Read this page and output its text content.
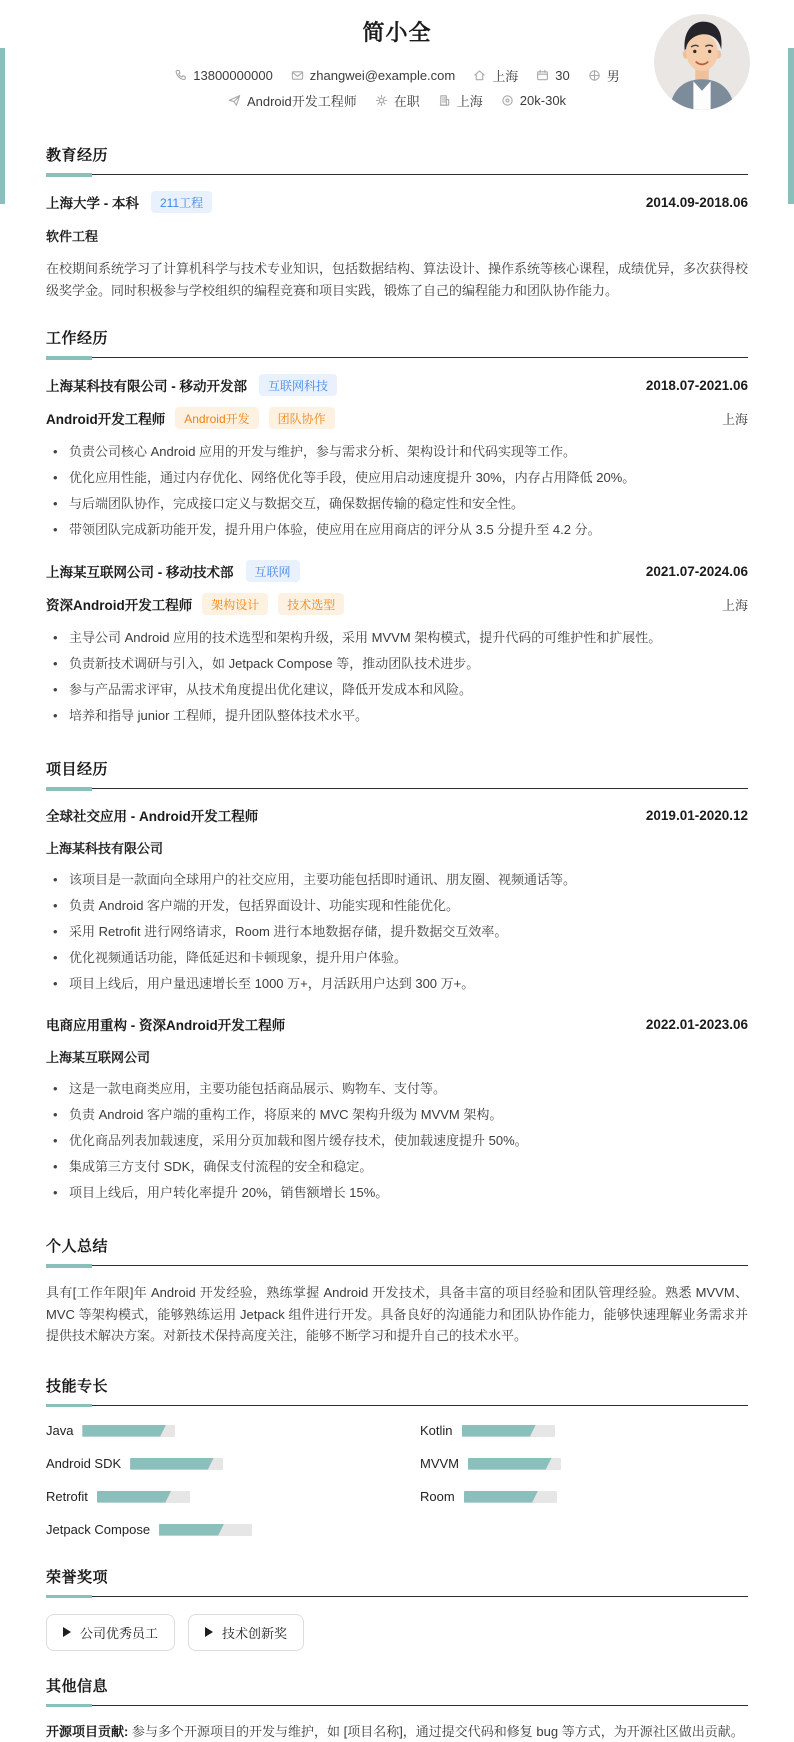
简小全
13800000000	zhangwei@example.com	上海	30	男
Android开发工程师	在职	上海	20k-30k
教育经历
上海大学 - 本科	211工程	2014.09-2018.06
软件工程
在校期间系统学习了计算机科学与技术专业知识，包括数据结构、算法设计、操作系统等核心课程，成绩优异，多次获得校级奖学金。同时积极参与学校组织的编程竞赛和项目实践，锻炼了自己的编程能力和团队协作能力。
工作经历
上海某科技有限公司 - 移动开发部	互联网科技	2018.07-2021.06
Android开发工程师	Android开发	团队协作	上海
• 负责公司核心 Android 应用的开发与维护，参与需求分析、架构设计和代码实现等工作。
• 优化应用性能，通过内存优化、网络优化等手段，使应用启动速度提升 30%，内存占用降低 20%。
• 与后端团队协作，完成接口定义与数据交互，确保数据传输的稳定性和安全性。
• 带领团队完成新功能开发，提升用户体验，使应用在应用商店的评分从 3.5 分提升至 4.2 分。
上海某互联网公司 - 移动技术部	互联网	2021.07-2024.06
资深Android开发工程师	架构设计	技术选型	上海
• 主导公司 Android 应用的技术选型和架构升级，采用 MVVM 架构模式，提升代码的可维护性和扩展性。
• 负责新技术调研与引入，如 Jetpack Compose 等，推动团队技术进步。
• 参与产品需求评审，从技术角度提出优化建议，降低开发成本和风险。
• 培养和指导 junior 工程师，提升团队整体技术水平。
项目经历
全球社交应用 - Android开发工程师	2019.01-2020.12
上海某科技有限公司
• 该项目是一款面向全球用户的社交应用，主要功能包括即时通讯、朋友圈、视频通话等。
• 负责 Android 客户端的开发，包括界面设计、功能实现和性能优化。
• 采用 Retrofit 进行网络请求，Room 进行本地数据存储，提升数据交互效率。
• 优化视频通话功能，降低延迟和卡顿现象，提升用户体验。
• 项目上线后，用户量迅速增长至 1000 万+，月活跃用户达到 300 万+。
电商应用重构 - 资深Android开发工程师	2022.01-2023.06
上海某互联网公司
• 这是一款电商类应用，主要功能包括商品展示、购物车、支付等。
• 负责 Android 客户端的重构工作，将原来的 MVC 架构升级为 MVVM 架构。
• 优化商品列表加载速度，采用分页加载和图片缓存技术，使加载速度提升 50%。
• 集成第三方支付 SDK，确保支付流程的安全和稳定。
• 项目上线后，用户转化率提升 20%，销售额增长 15%。
个人总结
具有[工作年限]年 Android 开发经验，熟练掌握 Android 开发技术，具备丰富的项目经验和团队管理经验。熟悉 MVVM、MVC 等架构模式，能够熟练运用 Jetpack 组件进行开发。具备良好的沟通能力和团队协作能力，能够快速理解业务需求并提供技术解决方案。对新技术保持高度关注，能够不断学习和提升自己的技术水平。
技能专长
Java	Kotlin
Android SDK	MVVM
Retrofit	Room
Jetpack Compose
荣誉奖项
公司优秀员工	技术创新奖
其他信息
开源项目贡献: 参与多个开源项目的开发与维护，如 [项目名称]，通过提交代码和修复 bug 等方式，为开源社区做出贡献。
